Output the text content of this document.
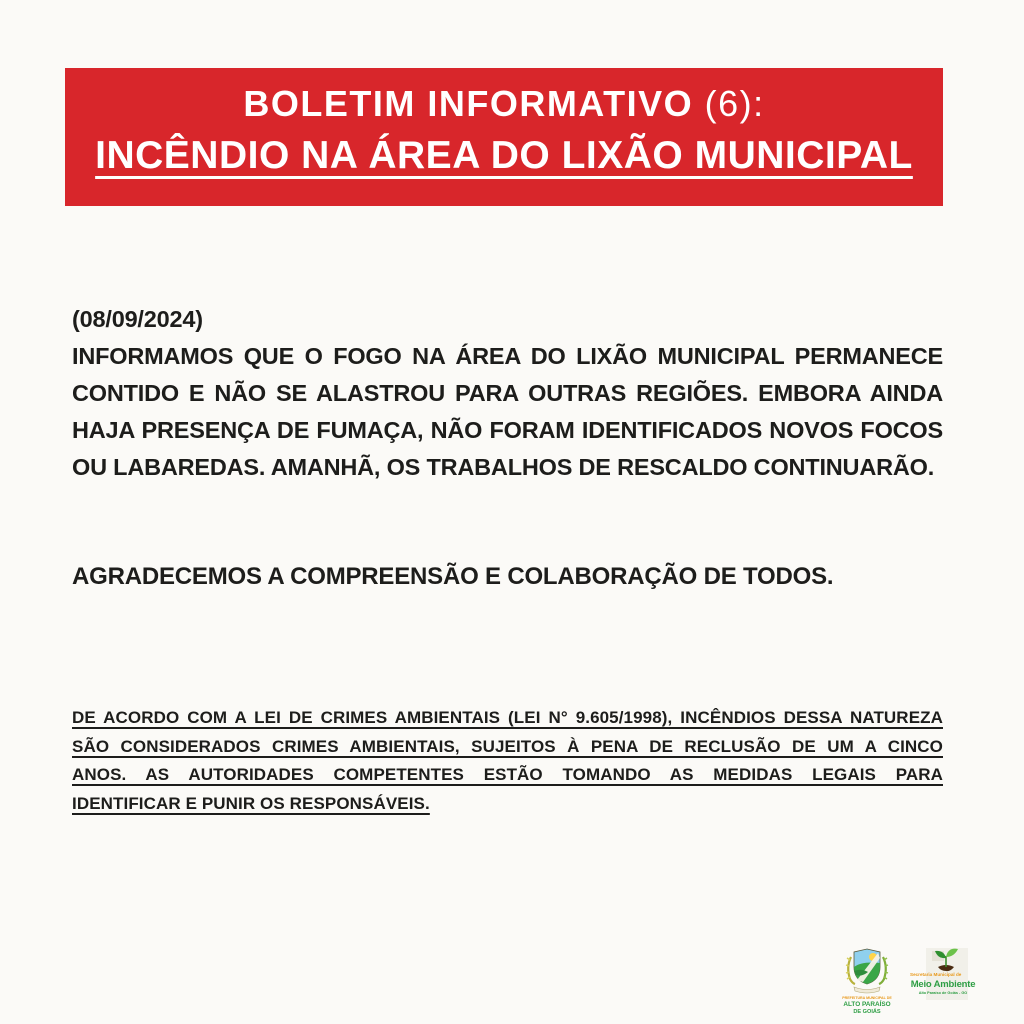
BOLETIM INFORMATIVO (6):
INCÊNDIO NA ÁREA DO LIXÃO MUNICIPAL
(08/09/2024)
INFORMAMOS QUE O FOGO NA ÁREA DO LIXÃO MUNICIPAL PERMANECE
CONTIDO E NÃO SE ALASTROU PARA OUTRAS REGIÕES. EMBORA AINDA
HAJA PRESENÇA DE FUMAÇA, NÃO FORAM IDENTIFICADOS NOVOS FOCOS
OU LABAREDAS. AMANHÃ, OS TRABALHOS DE RESCALDO CONTINUARÃO.
AGRADECEMOS A COMPREENSÃO E COLABORAÇÃO DE TODOS.
DE ACORDO COM A LEI DE CRIMES AMBIENTAIS (LEI N° 9.605/1998), INCÊNDIOS DESSA NATUREZA
SÃO CONSIDERADOS CRIMES AMBIENTAIS, SUJEITOS À PENA DE RECLUSÃO DE UM A CINCO
ANOS. AS AUTORIDADES COMPETENTES ESTÃO TOMANDO AS MEDIDAS LEGAIS PARA
IDENTIFICAR E PUNIR OS RESPONSÁVEIS.
PREFEITURA MUNICIPAL DE
ALTO PARAÍSO
DE GOIÁS
Secretaria Municipal de
Meio Ambiente
Alto Paraíso de Goiás - GO
